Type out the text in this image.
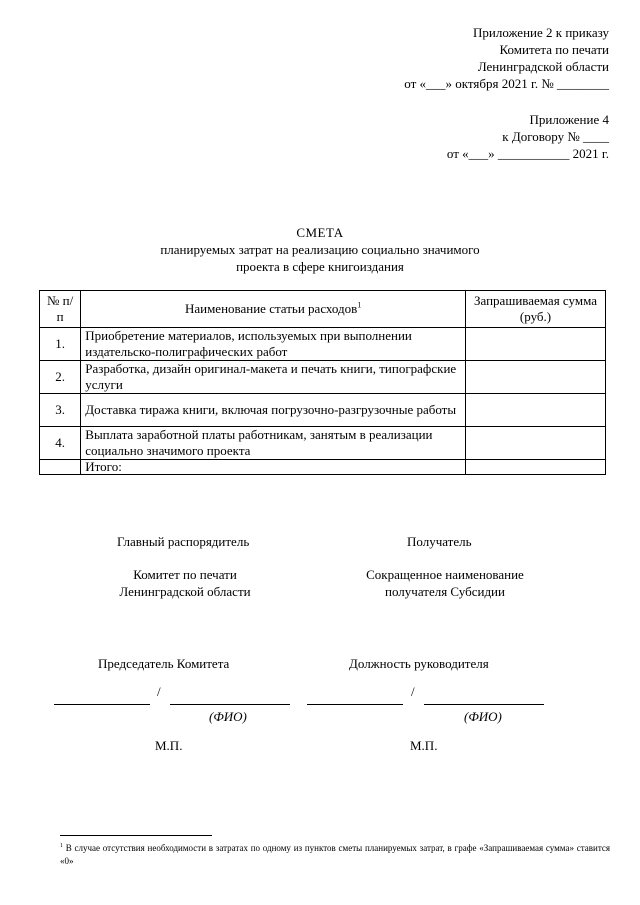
Приложение 2 к приказу
Комитета по печати
Ленинградской области
от «___» октября 2021 г. № ________
Приложение 4
к Договору № ____
от «___» ___________ 2021 г.
СМЕТА
планируемых затрат на реализацию социально значимого
проекта в сфере книгоиздания
№ п/п	Наименование статьи расходов$^1$	Запрашиваемая сумма (руб.)
1.	Приобретение материалов, используемых при выполнении издательско-полиграфических работ	
2.	Разработка, дизайн оригинал-макета и печать книги, типографские услуги	
3.	Доставка тиража книги, включая погрузочно-разгрузочные работы	
4.	Выплата заработной платы работникам, занятым в реализации социально значимого проекта	
	Итого:	
Главный распорядитель
Комитет по печати
Ленинградской области
Председатель Комитета
/
(ФИО)
М.П.
Получатель
Сокращенное наименование
получателя Субсидии
Должность руководителя
/
(ФИО)
М.П.
$^1$ В случае отсутствия необходимости в затратах по одному из пунктов сметы планируемых затрат, в графе «Запрашиваемая сумма» ставится «0»
